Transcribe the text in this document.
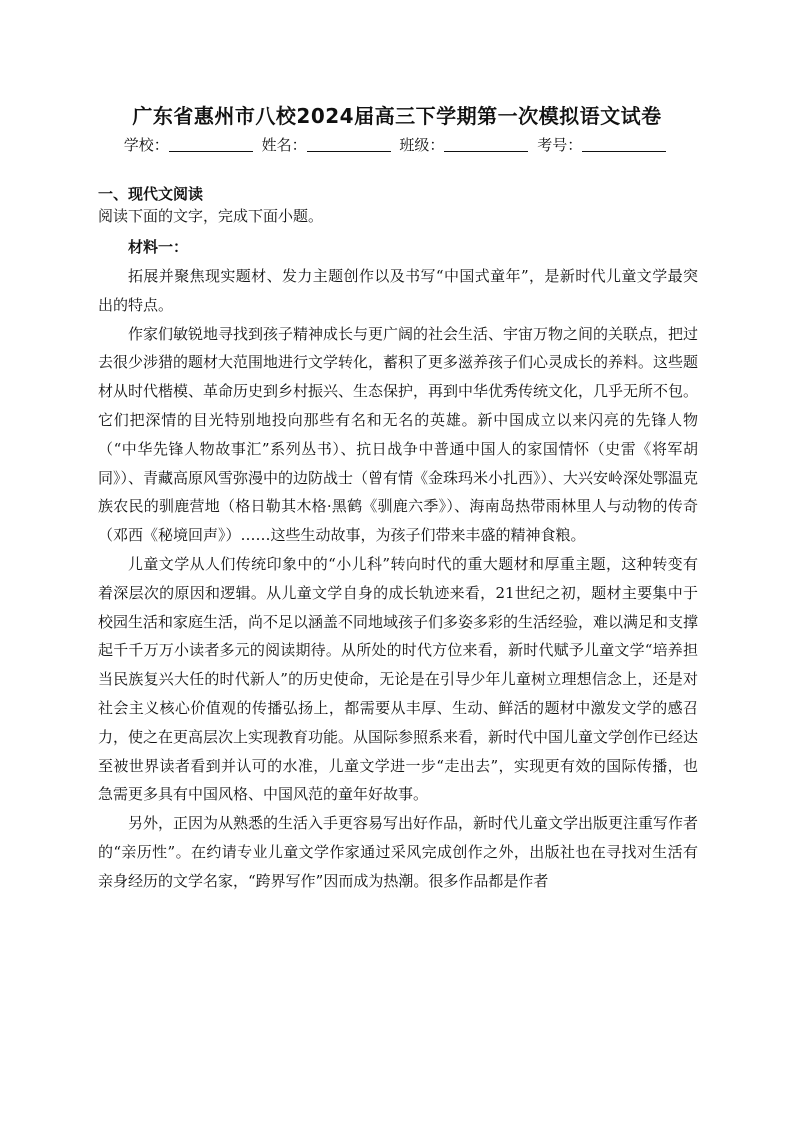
广东省惠州市八校2024届高三下学期第一次模拟语文试卷
学校：	姓名：	班级：	考号：
一、现代文阅读
阅读下面的文字，完成下面小题。
材料一：

拓展并聚焦现实题材、发力主题创作以及书写“中国式童年”，是新时代儿童文学最突出的特点。

作家们敏锐地寻找到孩子精神成长与更广阔的社会生活、宇宙万物之间的关联点，把过去很少涉猎的题材大范围地进行文学转化，蓄积了更多滋养孩子们心灵成长的养料。这些题材从时代楷模、革命历史到乡村振兴、生态保护，再到中华优秀传统文化，几乎无所不包。它们把深情的目光特别地投向那些有名和无名的英雄。新中国成立以来闪亮的先锋人物（“中华先锋人物故事汇”系列丛书）、抗日战争中普通中国人的家国情怀（史雷《将军胡同》）、青藏高原风雪弥漫中的边防战士（曾有情《金珠玛米小扎西》）、大兴安岭深处鄂温克族农民的驯鹿营地（格日勒其木格·黑鹤《驯鹿六季》）、海南岛热带雨林里人与动物的传奇（邓西《秘境回声》）……这些生动故事，为孩子们带来丰盛的精神食粮。

儿童文学从人们传统印象中的“小儿科”转向时代的重大题材和厚重主题，这种转变有着深层次的原因和逻辑。从儿童文学自身的成长轨迹来看，21世纪之初，题材主要集中于校园生活和家庭生活，尚不足以涵盖不同地域孩子们多姿多彩的生活经验，难以满足和支撑起千千万万小读者多元的阅读期待。从所处的时代方位来看，新时代赋予儿童文学“培养担当民族复兴大任的时代新人”的历史使命，无论是在引导少年儿童树立理想信念上，还是对社会主义核心价值观的传播弘扬上，都需要从丰厚、生动、鲜活的题材中激发文学的感召力，使之在更高层次上实现教育功能。从国际参照系来看，新时代中国儿童文学创作已经达至被世界读者看到并认可的水准，儿童文学进一步“走出去”，实现更有效的国际传播，也急需更多具有中国风格、中国风范的童年好故事。

另外，正因为从熟悉的生活入手更容易写出好作品，新时代儿童文学出版更注重写作者的“亲历性”。在约请专业儿童文学作家通过采风完成创作之外，出版社也在寻找对生活有亲身经历的文学名家，“跨界写作”因而成为热潮。很多作品都是作者
